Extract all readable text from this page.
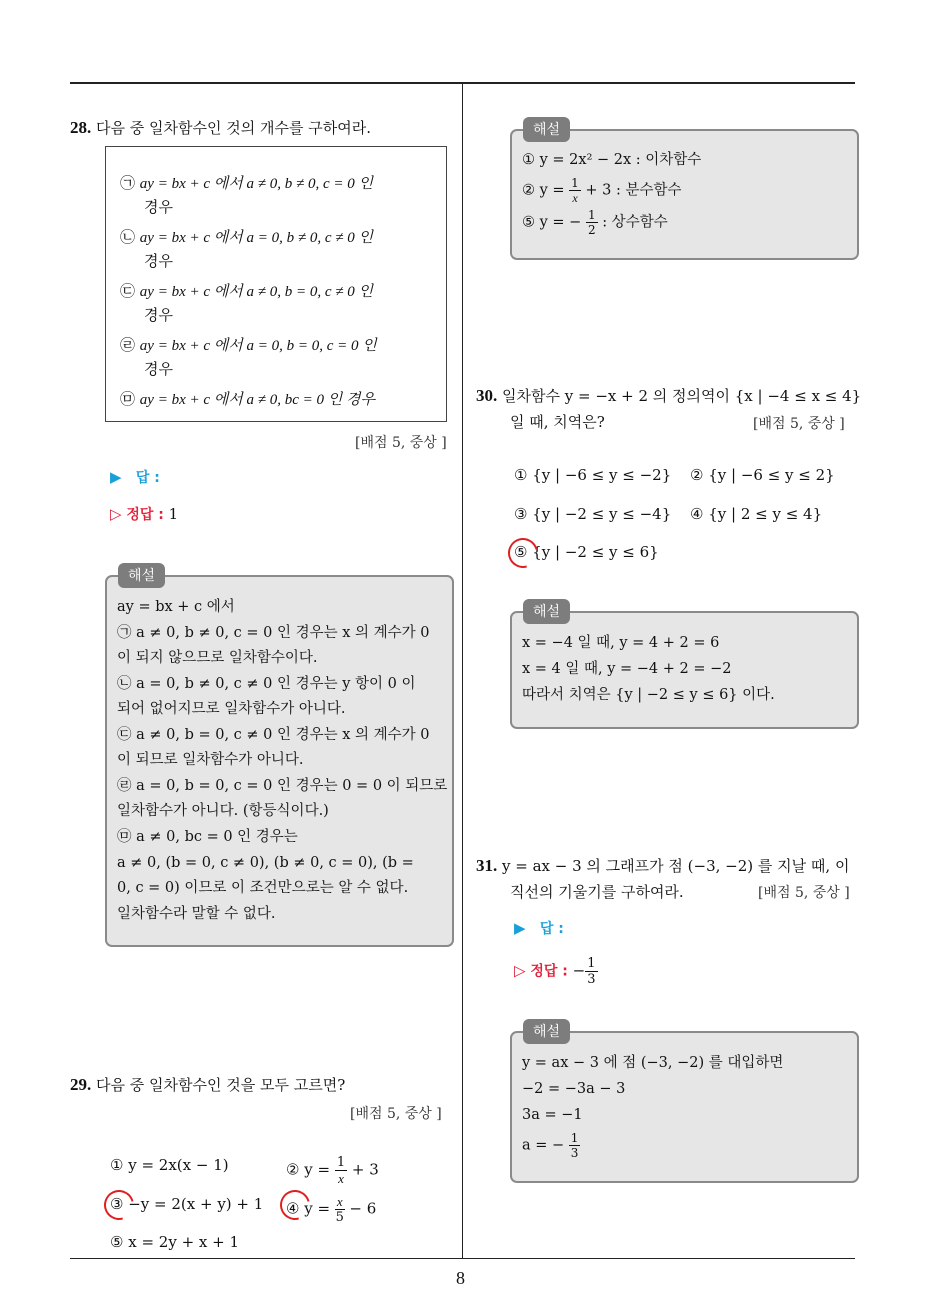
8
28. 다음 중 일차함수인 것의 개수를 구하여라.
㉠ ay = bx + c 에서 a ≠ 0, b ≠ 0, c = 0 인
경우
㉡ ay = bx + c 에서 a = 0, b ≠ 0, c ≠ 0 인
경우
㉢ ay = bx + c 에서 a ≠ 0, b = 0, c ≠ 0 인
경우
㉣ ay = bx + c 에서 a = 0, b = 0, c = 0 인
경우
㉤ ay = bx + c 에서 a ≠ 0, bc = 0 인 경우
[배점 5, 중상 ]
▶ 답 :
▷ 정답 : 1
해설
ay = bx + c 에서
㉠ a ≠ 0, b ≠ 0, c = 0 인 경우는 x 의 계수가 0
이 되지 않으므로 일차함수이다.
㉡ a = 0, b ≠ 0, c ≠ 0 인 경우는 y 항이 0 이
되어 없어지므로 일차함수가 아니다.
㉢ a ≠ 0, b = 0, c ≠ 0 인 경우는 x 의 계수가 0
이 되므로 일차함수가 아니다.
㉣ a = 0, b = 0, c = 0 인 경우는 0 = 0 이 되므로
일차함수가 아니다. (항등식이다.)
㉤ a ≠ 0, bc = 0 인 경우는
a ≠ 0, (b = 0, c ≠ 0), (b ≠ 0, c = 0), (b =
0, c = 0) 이므로 이 조건만으로는 알 수 없다.
일차함수라 말할 수 없다.
29. 다음 중 일차함수인 것을 모두 고르면?
[배점 5, 중상 ]
① y = 2x(x − 1)	② $y = \frac{1}{x} + 3$
③ −y = 2(x + y) + 1 ④ $y = \frac{x}{5} - 6$
⑤ x = 2y + x + 1
해설
① y = 2x² − 2x : 이차함수
② $y = \frac{1}{x} + 3$ : 분수함수
⑤ y = − $\frac{1}{2}$ : 상수함수
30. 일차함수 y = −x + 2 의 정의역이 {x | −4 ≤ x ≤ 4}
일 때, 치역은?	[배점 5, 중상 ]
① {y | −6 ≤ y ≤ −2} ② {y | −6 ≤ y ≤ 2}
③ {y | −2 ≤ y ≤ −4} ④ {y | 2 ≤ y ≤ 4}
⑤ {y | −2 ≤ y ≤ 6}
해설
x = −4 일 때, y = 4 + 2 = 6
x = 4 일 때, y = −4 + 2 = −2
따라서 치역은 {y | −2 ≤ y ≤ 6} 이다.
31. y = ax − 3 의 그래프가 점 (−3, −2) 를 지날 때, 이
직선의 기울기를 구하여라.	[배점 5, 중상 ]
▶ 답 :
▷ 정답 : − $\frac{1}{3}$
해설
y = ax − 3 에 점 (−3, −2) 를 대입하면
−2 = −3a − 3
3a = −1
a = − $\frac{1}{3}$
